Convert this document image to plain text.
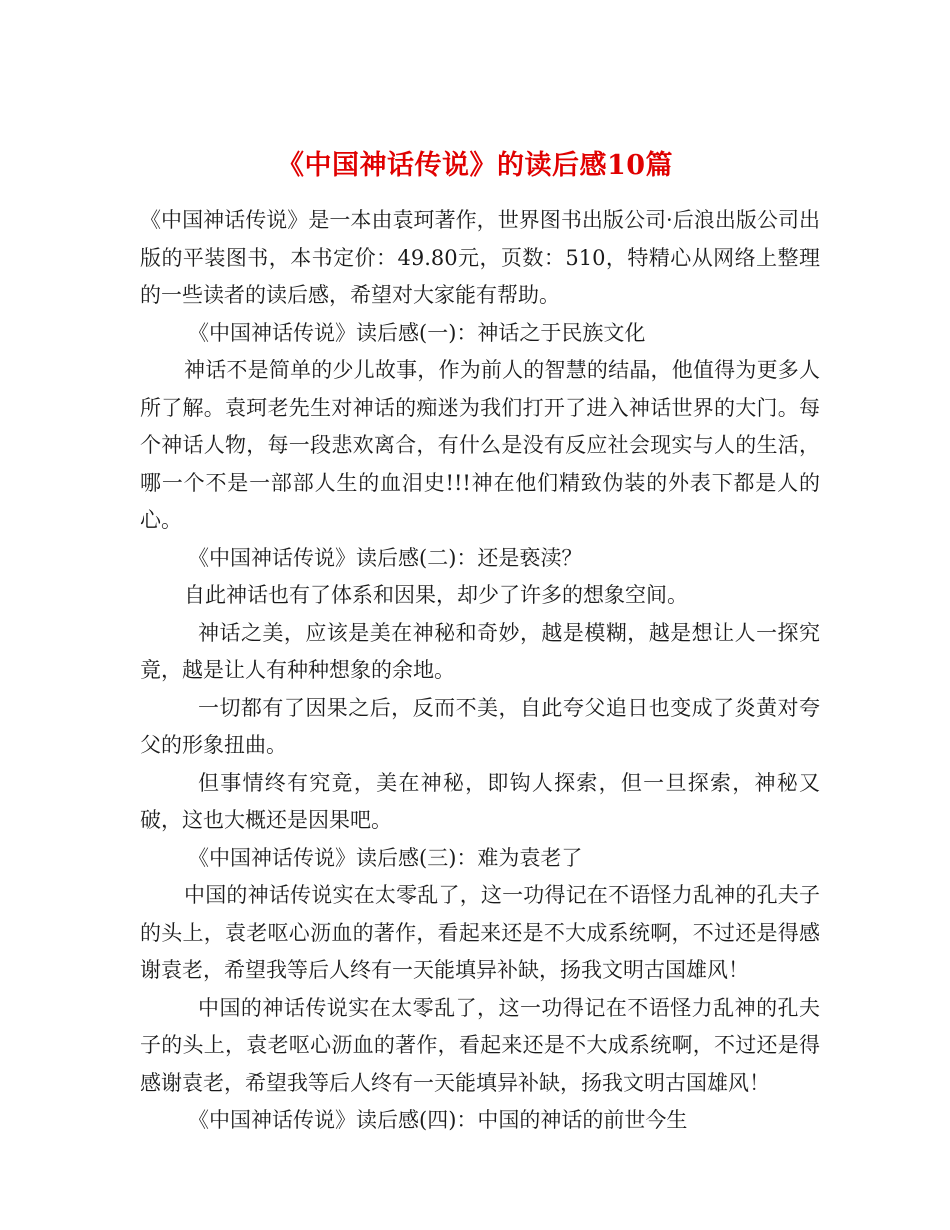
《中国神话传说》的读后感10篇

《中国神话传说》是一本由袁珂著作，世界图书出版公司·后浪出版公司出版的平装图书，本书定价：49.80元，页数：510，特精心从网络上整理的一些读者的读后感，希望对大家能有帮助。

《中国神话传说》读后感(一)：神话之于民族文化

神话不是简单的少儿故事，作为前人的智慧的结晶，他值得为更多人所了解。袁珂老先生对神话的痴迷为我们打开了进入神话世界的大门。每个神话人物，每一段悲欢离合，有什么是没有反应社会现实与人的生活，哪一个不是一部部人生的血泪史!!!神在他们精致伪装的外表下都是人的心。

《中国神话传说》读后感(二)：还是亵渎？

自此神话也有了体系和因果，却少了许多的想象空间。

神话之美，应该是美在神秘和奇妙，越是模糊，越是想让人一探究竟，越是让人有种种想象的余地。

一切都有了因果之后，反而不美，自此夸父追日也变成了炎黄对夸父的形象扭曲。

但事情终有究竟，美在神秘，即钩人探索，但一旦探索，神秘又破，这也大概还是因果吧。

《中国神话传说》读后感(三)：难为袁老了

中国的神话传说实在太零乱了，这一功得记在不语怪力乱神的孔夫子的头上，袁老呕心沥血的著作，看起来还是不大成系统啊，不过还是得感谢袁老，希望我等后人终有一天能填异补缺，扬我文明古国雄风！

中国的神话传说实在太零乱了，这一功得记在不语怪力乱神的孔夫子的头上，袁老呕心沥血的著作，看起来还是不大成系统啊，不过还是得感谢袁老，希望我等后人终有一天能填异补缺，扬我文明古国雄风！

《中国神话传说》读后感(四)：中国的神话的前世今生
